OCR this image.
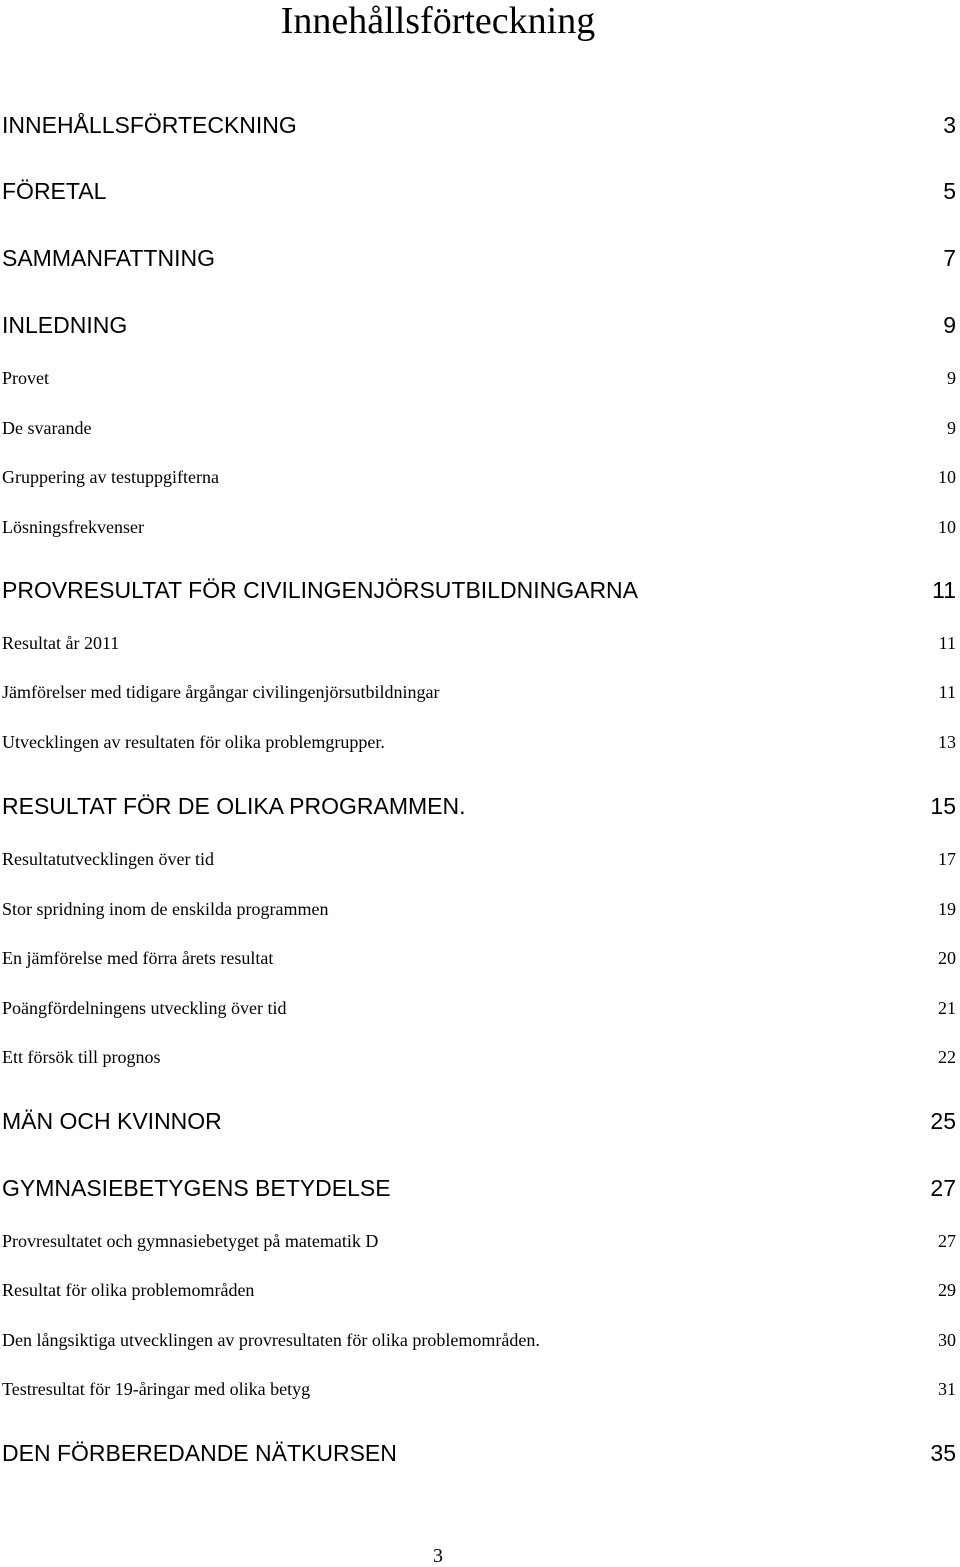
Innehållsförteckning
INNEHÅLLSFÖRTECKNING	3
FÖRETAL	5
SAMMANFATTNING	7
INLEDNING	9
Provet	9
De svarande	9
Gruppering av testuppgifterna	10
Lösningsfrekvenser	10
PROVRESULTAT FÖR CIVILINGENJÖRSUTBILDNINGARNA	11
Resultat år 2011	11
Jämförelser med tidigare årgångar civilingenjörsutbildningar	11
Utvecklingen av resultaten för olika problemgrupper.	13
RESULTAT FÖR DE OLIKA PROGRAMMEN.	15
Resultatutvecklingen över tid	17
Stor spridning inom de enskilda programmen	19
En jämförelse med förra årets resultat	20
Poängfördelningens utveckling över tid	21
Ett försök till prognos	22
MÄN OCH KVINNOR	25
GYMNASIEBETYGENS BETYDELSE	27
Provresultatet och gymnasiebetyget på matematik D	27
Resultat för olika problemområden	29
Den långsiktiga utvecklingen av provresultaten för olika problemområden.	30
Testresultat för 19-åringar med olika betyg	31
DEN FÖRBEREDANDE NÄTKURSEN	35
3
